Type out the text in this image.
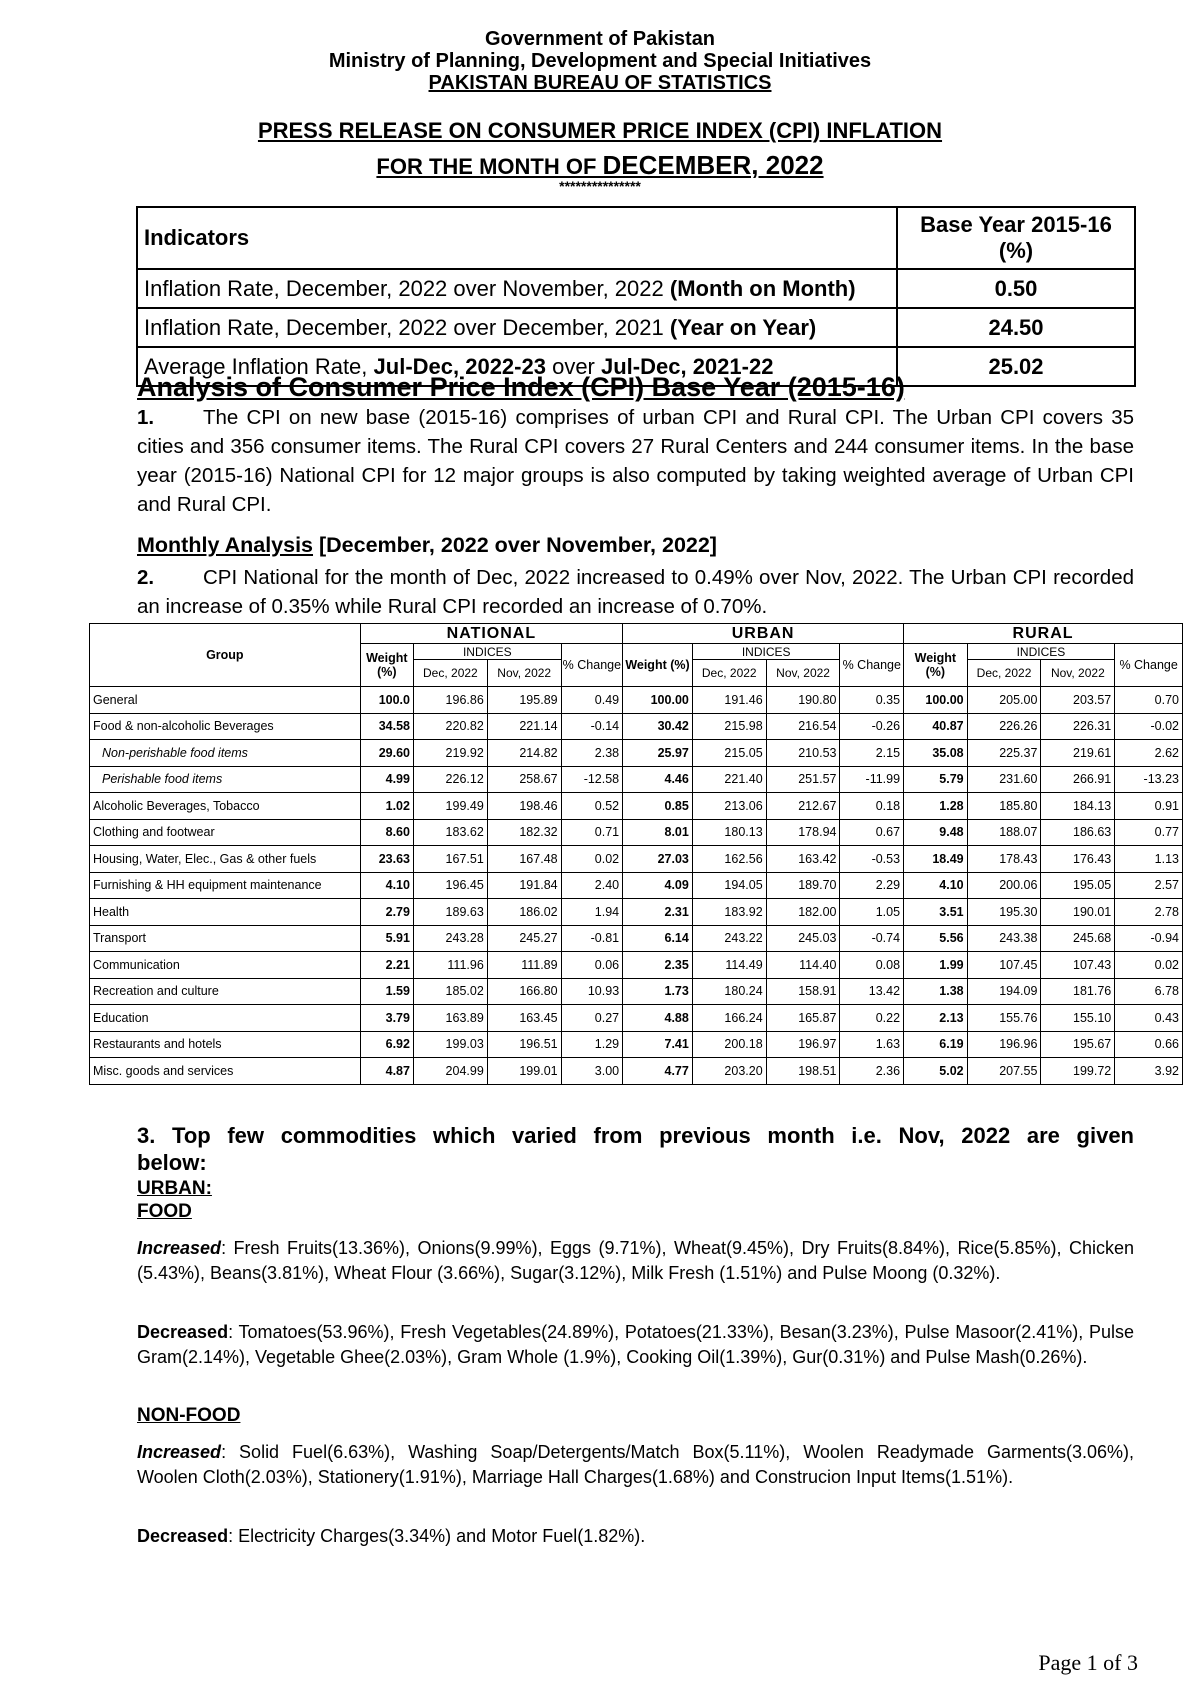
Government of Pakistan
Ministry of Planning, Development and Special Initiatives
PAKISTAN BUREAU OF STATISTICS
PRESS RELEASE ON CONSUMER PRICE INDEX (CPI) INFLATION
FOR THE MONTH OF DECEMBER, 2022
***************
Indicators	Base Year 2015-16 (%)
Inflation Rate, December, 2022 over November, 2022 (Month on Month)	0.50
Inflation Rate, December, 2022 over December, 2021 (Year on Year)	24.50
Average Inflation Rate, Jul-Dec, 2022-23 over Jul-Dec, 2021-22	25.02
Analysis of Consumer Price Index (CPI) Base Year (2015-16)
1. The CPI on new base (2015-16) comprises of urban CPI and Rural CPI. The Urban CPI covers 35 cities and 356 consumer items. The Rural CPI covers 27 Rural Centers and 244 consumer items. In the base year (2015-16) National CPI for 12 major groups is also computed by taking weighted average of Urban CPI and Rural CPI.
Monthly Analysis [December, 2022 over November, 2022]
2. CPI National for the month of Dec, 2022 increased to 0.49% over Nov, 2022. The Urban CPI recorded an increase of 0.35% while Rural CPI recorded an increase of 0.70%.
Group	NATIONAL				URBAN				RURAL			
	Weight (%)	INDICES		% Change	Weight (%)	INDICES		% Change	Weight (%)	INDICES		% Change
		Dec, 2022	Nov, 2022			Dec, 2022	Nov, 2022			Dec, 2022	Nov, 2022	
General	100.0	196.86	195.89	0.49	100.00	191.46	190.80	0.35	100.00	205.00	203.57	0.70
Food & non-alcoholic Beverages	34.58	220.82	221.14	-0.14	30.42	215.98	216.54	-0.26	40.87	226.26	226.31	-0.02
Non-perishable food items	29.60	219.92	214.82	2.38	25.97	215.05	210.53	2.15	35.08	225.37	219.61	2.62
Perishable food items	4.99	226.12	258.67	-12.58	4.46	221.40	251.57	-11.99	5.79	231.60	266.91	-13.23
Alcoholic Beverages, Tobacco	1.02	199.49	198.46	0.52	0.85	213.06	212.67	0.18	1.28	185.80	184.13	0.91
Clothing and footwear	8.60	183.62	182.32	0.71	8.01	180.13	178.94	0.67	9.48	188.07	186.63	0.77
Housing, Water, Elec., Gas & other fuels	23.63	167.51	167.48	0.02	27.03	162.56	163.42	-0.53	18.49	178.43	176.43	1.13
Furnishing & HH equipment maintenance	4.10	196.45	191.84	2.40	4.09	194.05	189.70	2.29	4.10	200.06	195.05	2.57
Health	2.79	189.63	186.02	1.94	2.31	183.92	182.00	1.05	3.51	195.30	190.01	2.78
Transport	5.91	243.28	245.27	-0.81	6.14	243.22	245.03	-0.74	5.56	243.38	245.68	-0.94
Communication	2.21	111.96	111.89	0.06	2.35	114.49	114.40	0.08	1.99	107.45	107.43	0.02
Recreation and culture	1.59	185.02	166.80	10.93	1.73	180.24	158.91	13.42	1.38	194.09	181.76	6.78
Education	3.79	163.89	163.45	0.27	4.88	166.24	165.87	0.22	2.13	155.76	155.10	0.43
Restaurants and hotels	6.92	199.03	196.51	1.29	7.41	200.18	196.97	1.63	6.19	196.96	195.67	0.66
Misc. goods and services	4.87	204.99	199.01	3.00	4.77	203.20	198.51	2.36	5.02	207.55	199.72	3.92
3. Top few commodities which varied from previous month i.e. Nov, 2022 are given below:
URBAN:
FOOD
Increased: Fresh Fruits(13.36%), Onions(9.99%), Eggs (9.71%), Wheat(9.45%), Dry Fruits(8.84%), Rice(5.85%), Chicken (5.43%), Beans(3.81%), Wheat Flour (3.66%), Sugar(3.12%), Milk Fresh (1.51%) and Pulse Moong (0.32%).
Decreased: Tomatoes(53.96%), Fresh Vegetables(24.89%), Potatoes(21.33%), Besan(3.23%), Pulse Masoor(2.41%), Pulse Gram(2.14%), Vegetable Ghee(2.03%), Gram Whole (1.9%), Cooking Oil(1.39%), Gur(0.31%) and Pulse Mash(0.26%).
NON-FOOD
Increased: Solid Fuel(6.63%), Washing Soap/Detergents/Match Box(5.11%), Woolen Readymade Garments(3.06%), Woolen Cloth(2.03%), Stationery(1.91%), Marriage Hall Charges(1.68%) and Construcion Input Items(1.51%).
Decreased: Electricity Charges(3.34%) and Motor Fuel(1.82%).
Page 1 of 3
